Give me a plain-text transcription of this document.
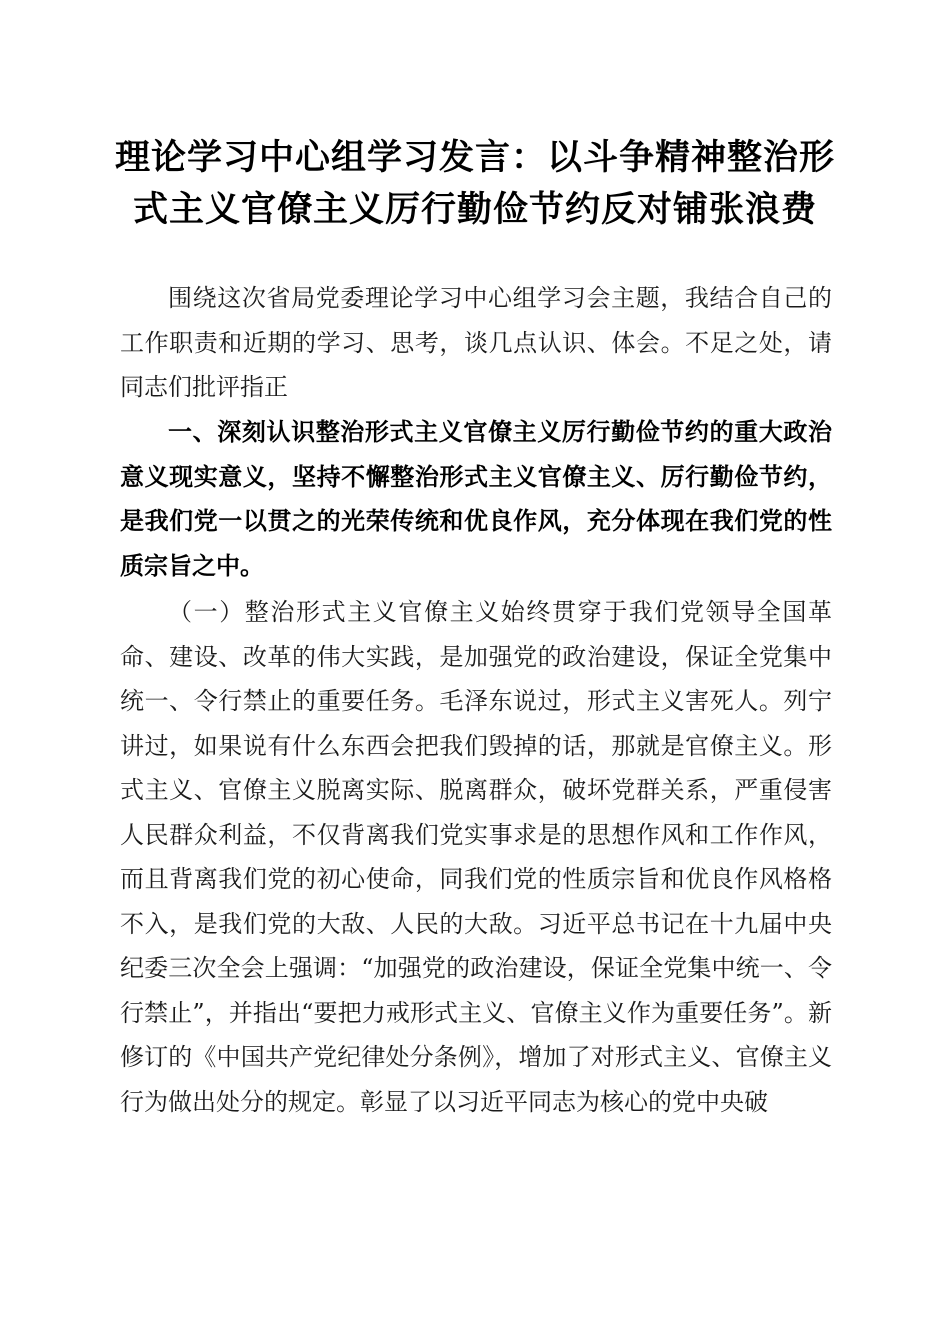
理论学习中心组学习发言：以斗争精神整治形
式主义官僚主义厉行勤俭节约反对铺张浪费

围绕这次省局党委理论学习中心组学习会主题，我结合自己的工作职责和近期的学习、思考，谈几点认识、体会。不足之处，请同志们批评指正

一、深刻认识整治形式主义官僚主义厉行勤俭节约的重大政治意义现实意义，坚持不懈整治形式主义官僚主义、厉行勤俭节约，是我们党一以贯之的光荣传统和优良作风，充分体现在我们党的性质宗旨之中。

（一）整治形式主义官僚主义始终贯穿于我们党领导全国革命、建设、改革的伟大实践，是加强党的政治建设，保证全党集中统一、令行禁止的重要任务。毛泽东说过，形式主义害死人。列宁讲过，如果说有什么东西会把我们毁掉的话，那就是官僚主义。形式主义、官僚主义脱离实际、脱离群众，破坏党群关系，严重侵害人民群众利益，不仅背离我们党实事求是的思想作风和工作作风，而且背离我们党的初心使命，同我们党的性质宗旨和优良作风格格不入，是我们党的大敌、人民的大敌。习近平总书记在十九届中央纪委三次全会上强调：“加强党的政治建设，保证全党集中统一、令行禁止”，并指出“要把力戒形式主义、官僚主义作为重要任务”。新修订的《中国共产党纪律处分条例》，增加了对形式主义、官僚主义行为做出处分的规定。彰显了以习近平同志为核心的党中央破
